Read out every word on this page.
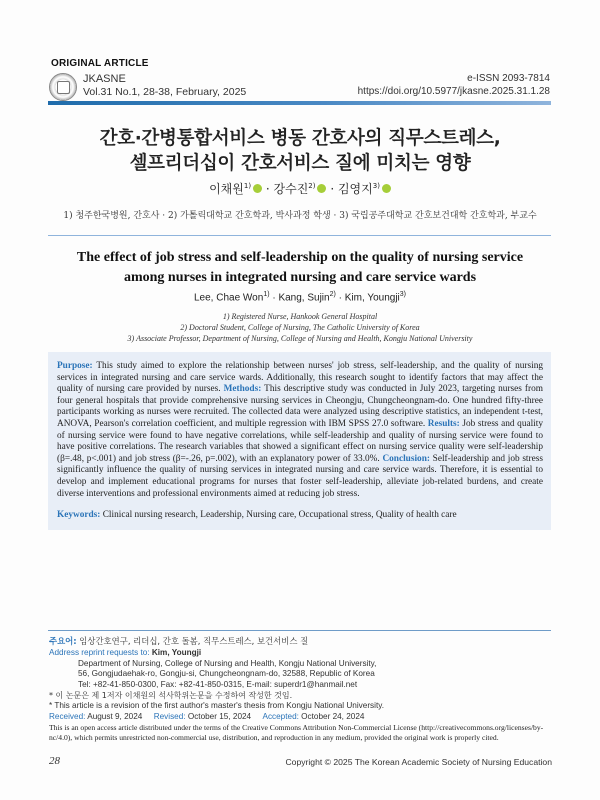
ORIGINAL ARTICLE
JKASNE
Vol.31 No.1, 28-38, February, 2025
e-ISSN 2093-7814
https://doi.org/10.5977/jkasne.2025.31.1.28
간호·간병통합서비스 병동 간호사의 직무스트레스,
셀프리더십이 간호서비스 질에 미치는 영향
이채원$^{1)}$ · 강수진$^{2)}$ · 김영지$^{3)}$
1) 청주한국병원, 간호사 · 2) 가톨릭대학교 간호학과, 박사과정 학생 · 3) 국립공주대학교 간호보건대학 간호학과, 부교수
The effect of job stress and self-leadership on the quality of nursing service
among nurses in integrated nursing and care service wards
Lee, Chae Won$^{1)}$ · Kang, Sujin$^{2)}$ · Kim, Youngji$^{3)}$
1) Registered Nurse, Hankook General Hospital
2) Doctoral Student, College of Nursing, The Catholic University of Korea
3) Associate Professor, Department of Nursing, College of Nursing and Health, Kongju National University
Purpose: This study aimed to explore the relationship between nurses' job stress, self-leadership, and the quality of nursing services in integrated nursing and care service wards. Additionally, this research sought to identify factors that may affect the quality of nursing care provided by nurses. Methods: This descriptive study was conducted in July 2023, targeting nurses from four general hospitals that provide comprehensive nursing services in Cheongju, Chungcheongnam-do. One hundred fifty-three participants working as nurses were recruited. The collected data were analyzed using descriptive statistics, an independent t-test, ANOVA, Pearson's correlation coefficient, and multiple regression with IBM SPSS 27.0 software. Results: Job stress and quality of nursing service were found to have negative correlations, while self-leadership and quality of nursing service were found to have positive correlations. The research variables that showed a significant effect on nursing service quality were self-leadership (β=.48, p<.001) and job stress (β=-.26, p=.002), with an explanatory power of 33.0%. Conclusion: Self-leadership and job stress significantly influence the quality of nursing services in integrated nursing and care service wards. Therefore, it is essential to develop and implement educational programs for nurses that foster self-leadership, alleviate job-related burdens, and create diverse interventions and professional environments aimed at reducing job stress.
Keywords: Clinical nursing research, Leadership, Nursing care, Occupational stress, Quality of health care
주요어: 임상간호연구, 리더십, 간호 돌봄, 직무스트레스, 보건서비스 질
Address reprint requests to: Kim, Youngji
Department of Nursing, College of Nursing and Health, Kongju National University,
56, Gongjudaehak-ro, Gongju-si, Chungcheongnam-do, 32588, Republic of Korea
Tel: +82-41-850-0300, Fax: +82-41-850-0315, E-mail: superdr1@hanmail.net
* 이 논문은 제 1저자 이채원의 석사학위논문을 수정하여 작성한 것임.
* This article is a revision of the first author's master's thesis from Kongju National University.
Received: August 9, 2024 Revised: October 15, 2024 Accepted: October 24, 2024
This is an open access article distributed under the terms of the Creative Commons Attribution Non-Commercial License (http://creativecommons.org/licenses/by-nc/4.0), which permits unrestricted non-commercial use, distribution, and reproduction in any medium, provided the original work is properly cited.
28	Copyright © 2025 The Korean Academic Society of Nursing Education
